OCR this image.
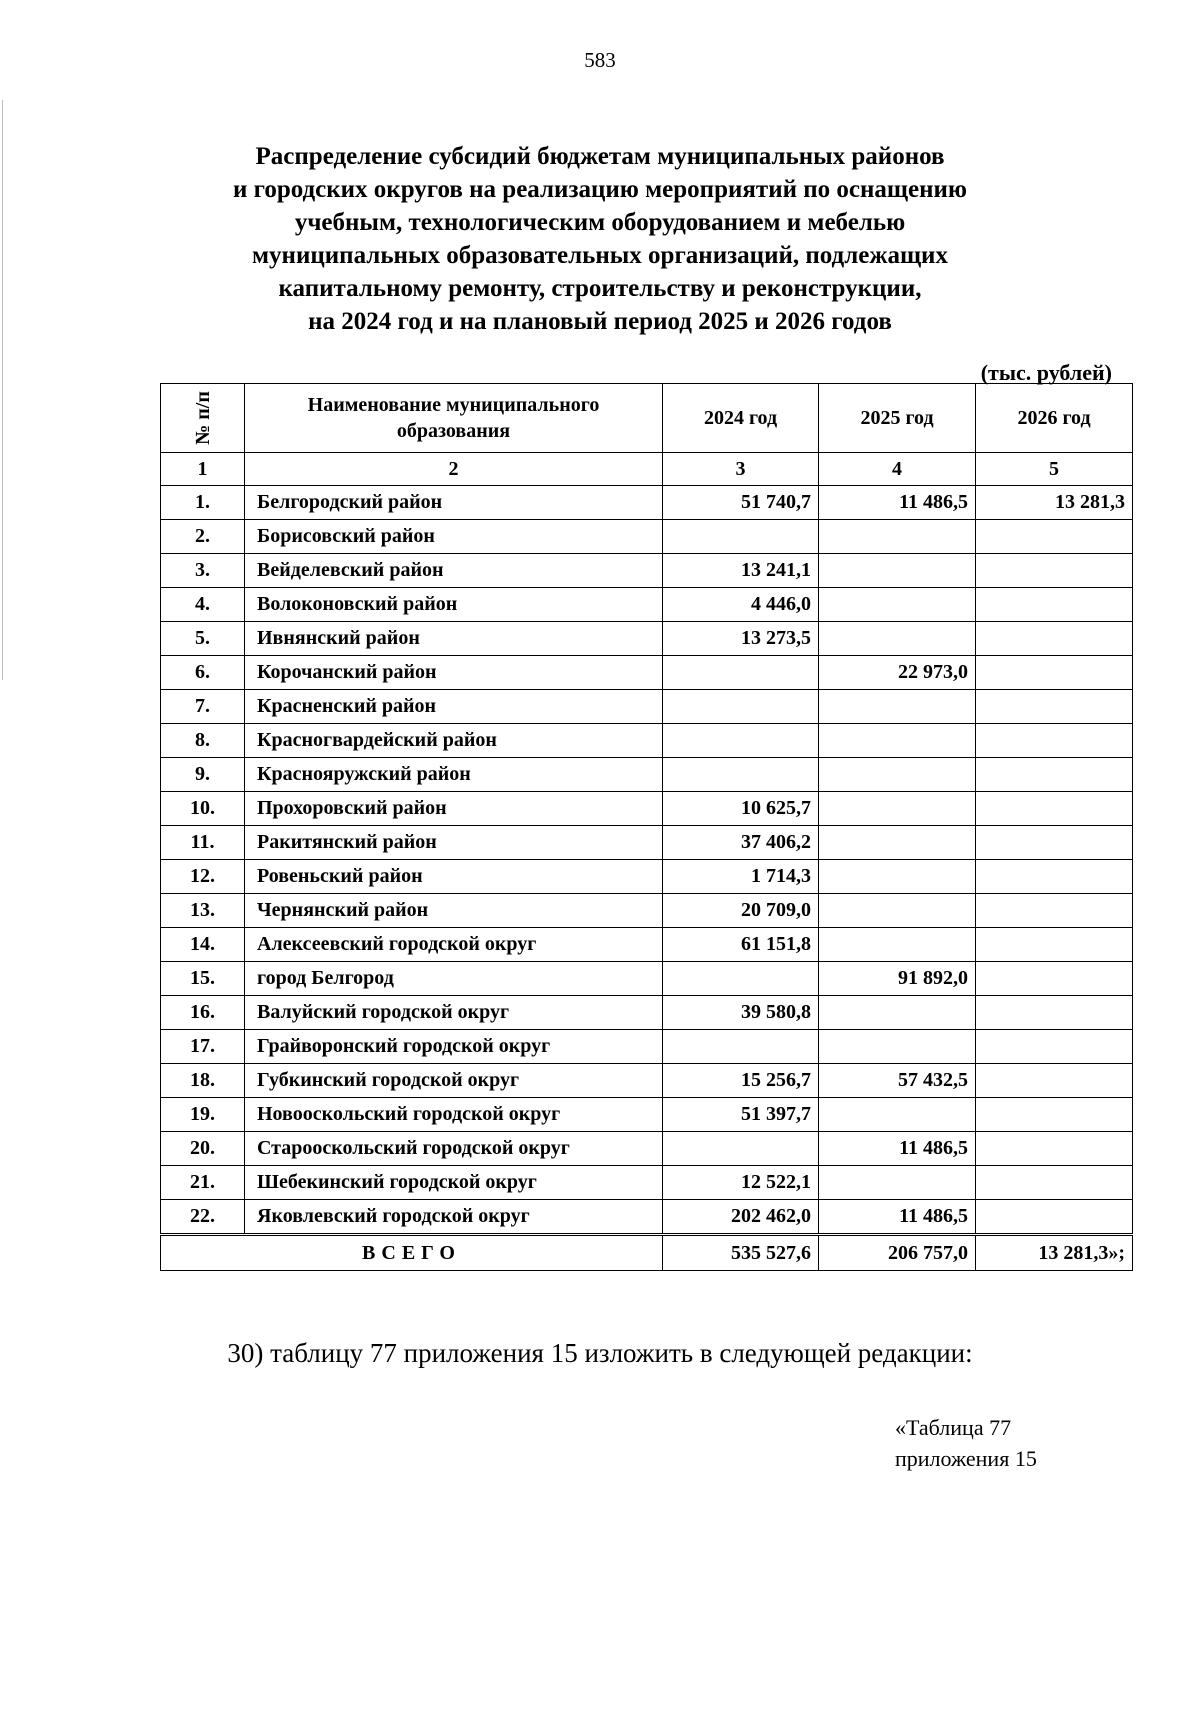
583
Распределение субсидий бюджетам муниципальных районов
и городских округов на реализацию мероприятий по оснащению
учебным, технологическим оборудованием и мебелью
муниципальных образовательных организаций, подлежащих
капитальному ремонту, строительству и реконструкции,
на 2024 год и на плановый период 2025 и 2026 годов
(тыс. рублей)
№ п/п	Наименование муниципального образования	2024 год	2025 год	2026 год
1	2	3	4	5
1.	Белгородский район	51 740,7	11 486,5	13 281,3
2.	Борисовский район			
3.	Вейделевский район	13 241,1		
4.	Волоконовский район	4 446,0		
5.	Ивнянский район	13 273,5		
6.	Корочанский район		22 973,0	
7.	Красненский район			
8.	Красногвардейский район			
9.	Краснояружский район			
10.	Прохоровский район	10 625,7		
11.	Ракитянский район	37 406,2		
12.	Ровеньский район	1 714,3		
13.	Чернянский район	20 709,0		
14.	Алексеевский городской округ	61 151,8		
15.	город Белгород		91 892,0	
16.	Валуйский городской округ	39 580,8		
17.	Грайворонский городской округ			
18.	Губкинский городской округ	15 256,7	57 432,5	
19.	Новооскольский городской округ	51 397,7		
20.	Старооскольский городской округ		11 486,5	
21.	Шебекинский городской округ	12 522,1		
22.	Яковлевский городской округ	202 462,0	11 486,5	
ВСЕГО		535 527,6	206 757,0	13 281,3»;
30) таблицу 77 приложения 15 изложить в следующей редакции:
«Таблица 77
приложения 15
